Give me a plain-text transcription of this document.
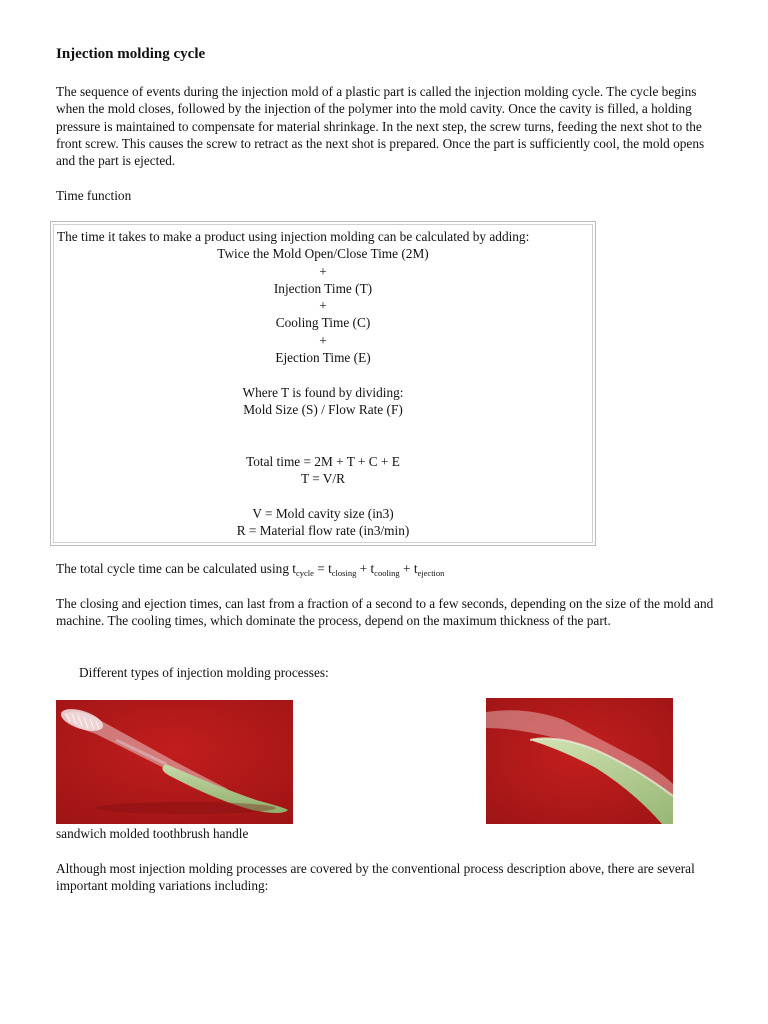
Injection molding cycle

The sequence of events during the injection mold of a plastic part is called the injection molding cycle. The cycle begins when the mold closes, followed by the injection of the polymer into the mold cavity. Once the cavity is filled, a holding pressure is maintained to compensate for material shrinkage. In the next step, the screw turns, feeding the next shot to the front screw. This causes the screw to retract as the next shot is prepared. Once the part is sufficiently cool, the mold opens and the part is ejected.

Time function

The time it takes to make a product using injection molding can be calculated by adding:
Twice the Mold Open/Close Time (2M)
+
Injection Time (T)
+
Cooling Time (C)
+
Ejection Time (E)
Where T is found by dividing:
Mold Size (S) / Flow Rate (F)
Total time = 2M + T + C + E
T = V/R
V = Mold cavity size (in3)
R = Material flow rate (in3/min)

The total cycle time can be calculated using $t_{cycle} = t_{closing} + t_{cooling} + t_{ejection}$

The closing and ejection times, can last from a fraction of a second to a few seconds, depending on the size of the mold and machine. The cooling times, which dominate the process, depend on the maximum thickness of the part.

Different types of injection molding processes:

sandwich molded toothbrush handle

Although most injection molding processes are covered by the conventional process description above, there are several important molding variations including:
